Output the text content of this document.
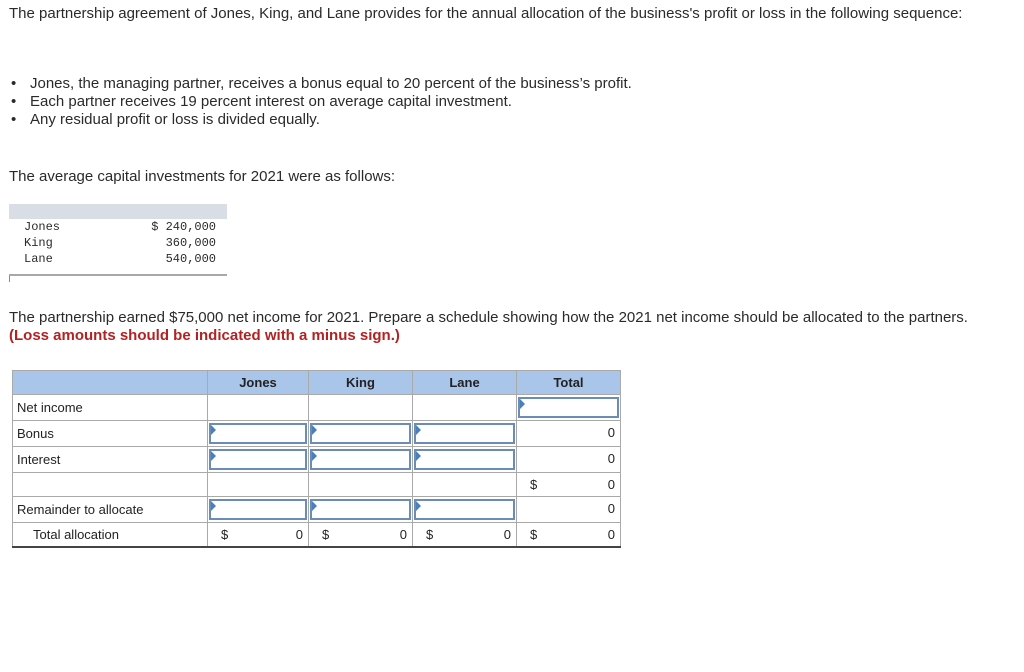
The partnership agreement of Jones, King, and Lane provides for the annual allocation of the business's profit or loss in the following sequence:

• Jones, the managing partner, receives a bonus equal to 20 percent of the business’s profit.
• Each partner receives 19 percent interest on average capital investment.
• Any residual profit or loss is divided equally.

The average capital investments for 2021 were as follows:

Jones	$ 240,000
King	360,000
Lane	540,000

The partnership earned $75,000 net income for 2021. Prepare a schedule showing how the 2021 net income should be allocated to the partners. (Loss amounts should be indicated with a minus sign.)

	Jones	King	Lane	Total
Net income				

Bonus				0

Interest				0

				$ 0

Remainder to allocate				0

Total allocation	$ 0	$ 0	$ 0	$ 0
